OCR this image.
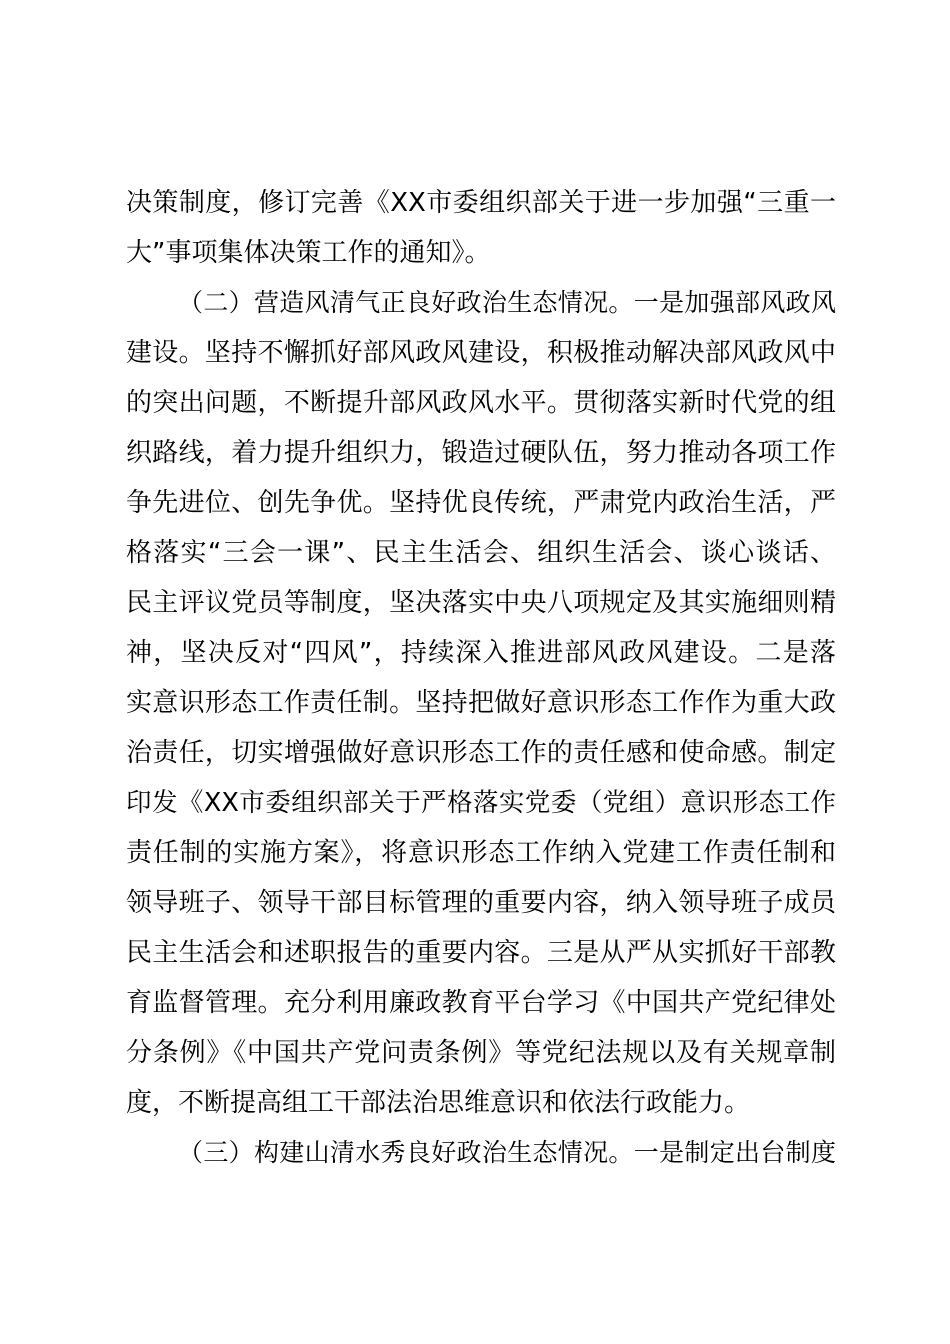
决策制度，修订完善《XX市委组织部关于进一步加强“三重一
大”事项集体决策工作的通知》。
（二）营造风清气正良好政治生态情况。一是加强部风政风
建设。坚持不懈抓好部风政风建设，积极推动解决部风政风中
的突出问题，不断提升部风政风水平。贯彻落实新时代党的组
织路线，着力提升组织力，锻造过硬队伍，努力推动各项工作
争先进位、创先争优。坚持优良传统，严肃党内政治生活，严
格落实“三会一课”、民主生活会、组织生活会、谈心谈话、
民主评议党员等制度，坚决落实中央八项规定及其实施细则精
神，坚决反对“四风”，持续深入推进部风政风建设。二是落
实意识形态工作责任制。坚持把做好意识形态工作作为重大政
治责任，切实增强做好意识形态工作的责任感和使命感。制定
印发《XX市委组织部关于严格落实党委（党组）意识形态工作
责任制的实施方案》，将意识形态工作纳入党建工作责任制和
领导班子、领导干部目标管理的重要内容，纳入领导班子成员
民主生活会和述职报告的重要内容。三是从严从实抓好干部教
育监督管理。充分利用廉政教育平台学习《中国共产党纪律处
分条例》《中国共产党问责条例》等党纪法规以及有关规章制
度，不断提高组工干部法治思维意识和依法行政能力。
（三）构建山清水秀良好政治生态情况。一是制定出台制度
